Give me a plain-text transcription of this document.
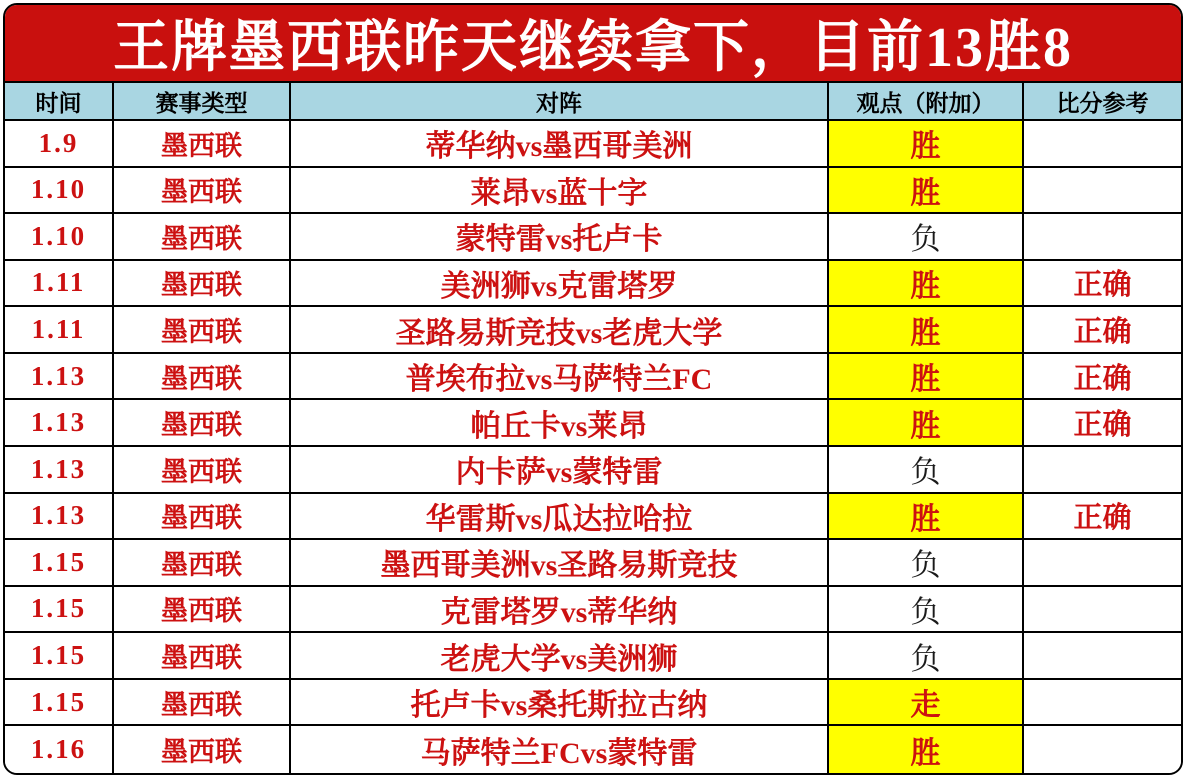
王牌墨西联昨天继续拿下，目前13胜8
时间	赛事类型	对阵	观点（附加）	比分参考
1.9	墨西联	蒂华纳vs墨西哥美洲	胜
1.10	墨西联	莱昂vs蓝十字	胜
1.10	墨西联	蒙特雷vs托卢卡	负
1.11	墨西联	美洲狮vs克雷塔罗	胜	正确
1.11	墨西联	圣路易斯竞技vs老虎大学	胜	正确
1.13	墨西联	普埃布拉vs马萨特兰FC	胜	正确
1.13	墨西联	帕丘卡vs莱昂	胜	正确
1.13	墨西联	内卡萨vs蒙特雷	负
1.13	墨西联	华雷斯vs瓜达拉哈拉	胜	正确
1.15	墨西联	墨西哥美洲vs圣路易斯竞技	负
1.15	墨西联	克雷塔罗vs蒂华纳	负
1.15	墨西联	老虎大学vs美洲狮	负
1.15	墨西联	托卢卡vs桑托斯拉古纳	走
1.16	墨西联	马萨特兰FCvs蒙特雷	胜
